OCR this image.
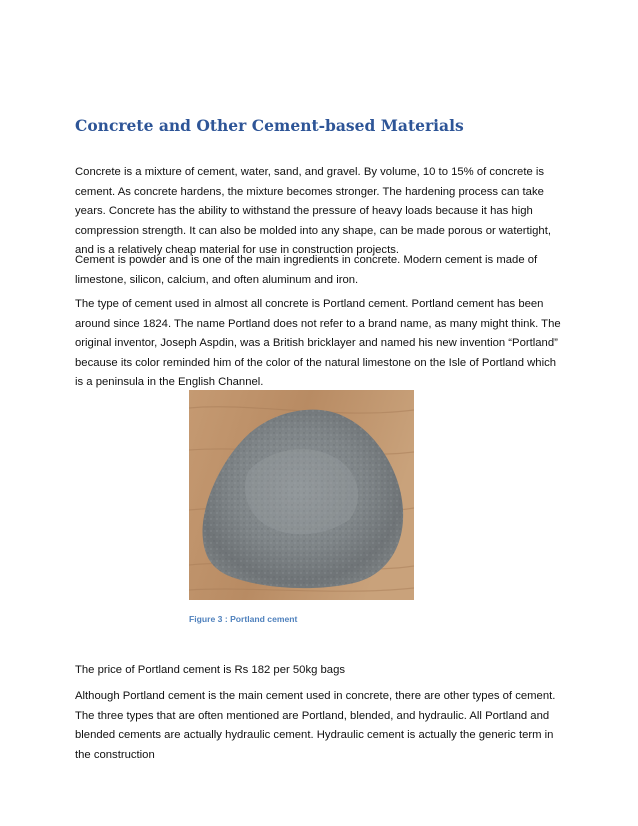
Concrete and Other Cement-based Materials

Concrete is a mixture of cement, water, sand, and gravel. By volume, 10 to 15% of concrete is cement. As concrete hardens, the mixture becomes stronger. The hardening process can take years. Concrete has the ability to withstand the pressure of heavy loads because it has high compression strength. It can also be molded into any shape, can be made porous or watertight, and is a relatively cheap material for use in construction projects.

Cement is powder and is one of the main ingredients in concrete. Modern cement is made of limestone, silicon, calcium, and often aluminum and iron.

The type of cement used in almost all concrete is Portland cement. Portland cement has been around since 1824. The name Portland does not refer to a brand name, as many might think. The original inventor, Joseph Aspdin, was a British bricklayer and named his new invention “Portland” because its color reminded him of the color of the natural limestone on the Isle of Portland which is a peninsula in the English Channel.

Figure 3 : Portland cement

The price of Portland cement is Rs 182 per 50kg bags

Although Portland cement is the main cement used in concrete, there are other types of cement. The three types that are often mentioned are Portland, blended, and hydraulic. All Portland and blended cements are actually hydraulic cement. Hydraulic cement is actually the generic term in the construction
